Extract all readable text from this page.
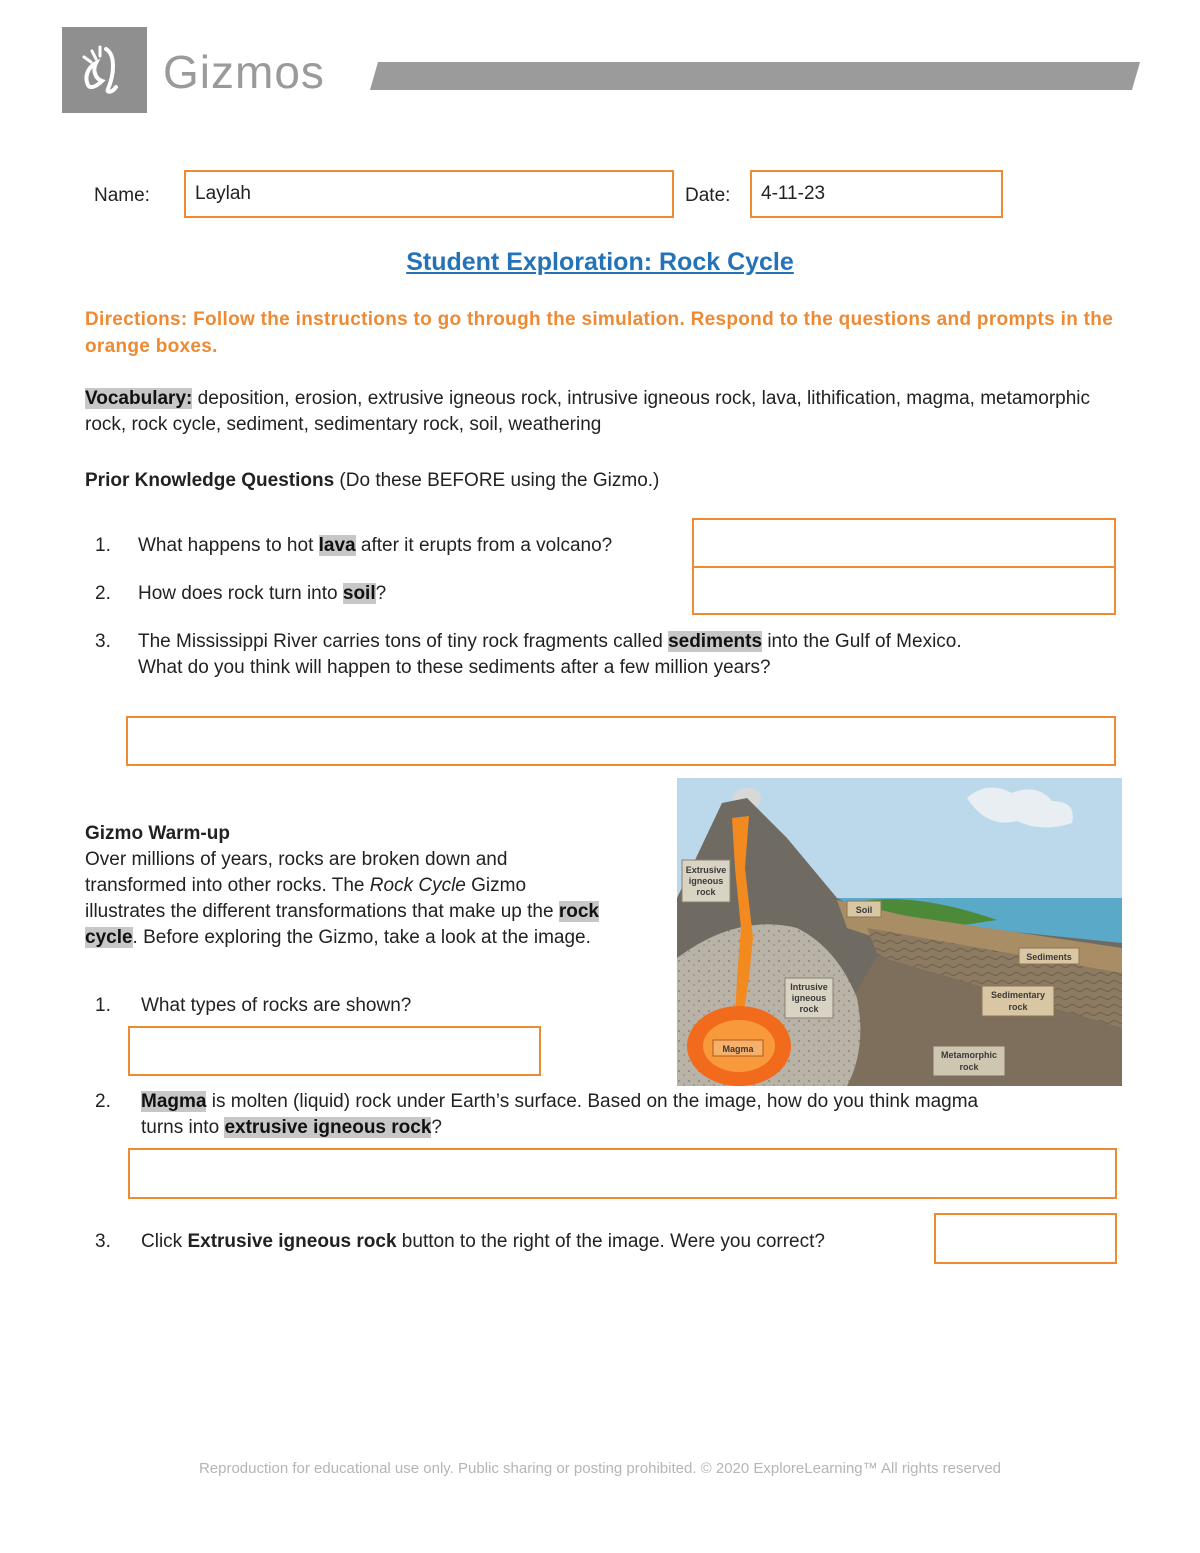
Gizmos
Name: Laylah	Date: 4-11-23
Student Exploration: Rock Cycle
Directions: Follow the instructions to go through the simulation. Respond to the questions and prompts in the orange boxes.
Vocabulary: deposition, erosion, extrusive igneous rock, intrusive igneous rock, lava, lithification, magma, metamorphic rock, rock cycle, sediment, sedimentary rock, soil, weathering
Prior Knowledge Questions (Do these BEFORE using the Gizmo.)
1. What happens to hot lava after it erupts from a volcano?
2. How does rock turn into soil?
3. The Mississippi River carries tons of tiny rock fragments called sediments into the Gulf of Mexico.
What do you think will happen to these sediments after a few million years?
Gizmo Warm-up
Over millions of years, rocks are broken down and
transformed into other rocks. The Rock Cycle Gizmo
illustrates the different transformations that make up the rock
cycle. Before exploring the Gizmo, take a look at the image.
Extrusive
igneous
rock
Soil
Sediments
Intrusive
igneous
rock
Sedimentary
rock
Magma
Metamorphic
rock
1. What types of rocks are shown?
2. Magma is molten (liquid) rock under Earth’s surface. Based on the image, how do you think magma
turns into extrusive igneous rock?
3. Click Extrusive igneous rock button to the right of the image. Were you correct?
Reproduction for educational use only. Public sharing or posting prohibited. © 2020 ExploreLearning™ All rights reserved
